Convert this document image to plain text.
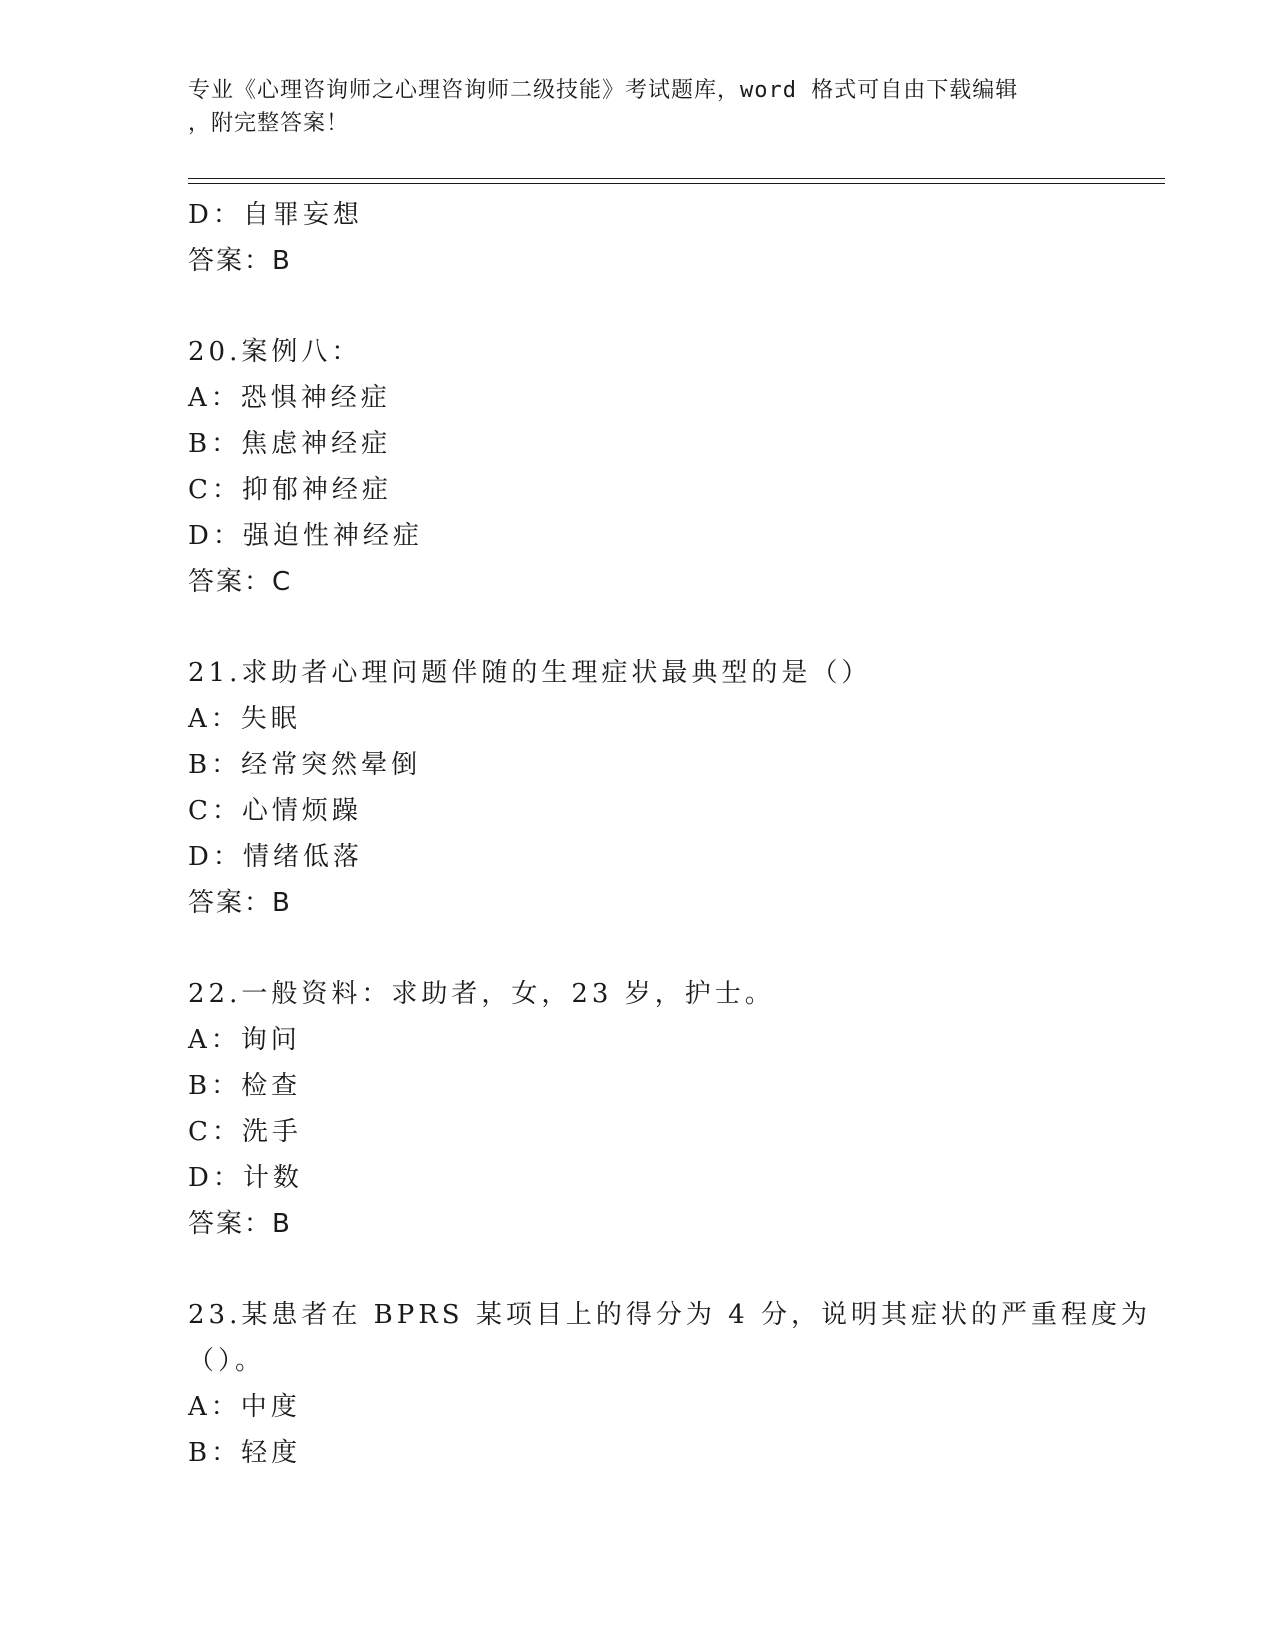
专业《心理咨询师之心理咨询师二级技能》考试题库，word 格式可自由下载编辑
，附完整答案！
D：自罪妄想
答案：B
20.案例八：
A：恐惧神经症
B：焦虑神经症
C：抑郁神经症
D：强迫性神经症
答案：C
21.求助者心理问题伴随的生理症状最典型的是（）
A：失眠
B：经常突然晕倒
C：心情烦躁
D：情绪低落
答案：B
22.一般资料：求助者，女，23 岁，护士。
A：询问
B：检查
C：洗手
D：计数
答案：B
23.某患者在 BPRS 某项目上的得分为 4 分，说明其症状的严重程度为
（）。
A：中度
B：轻度
